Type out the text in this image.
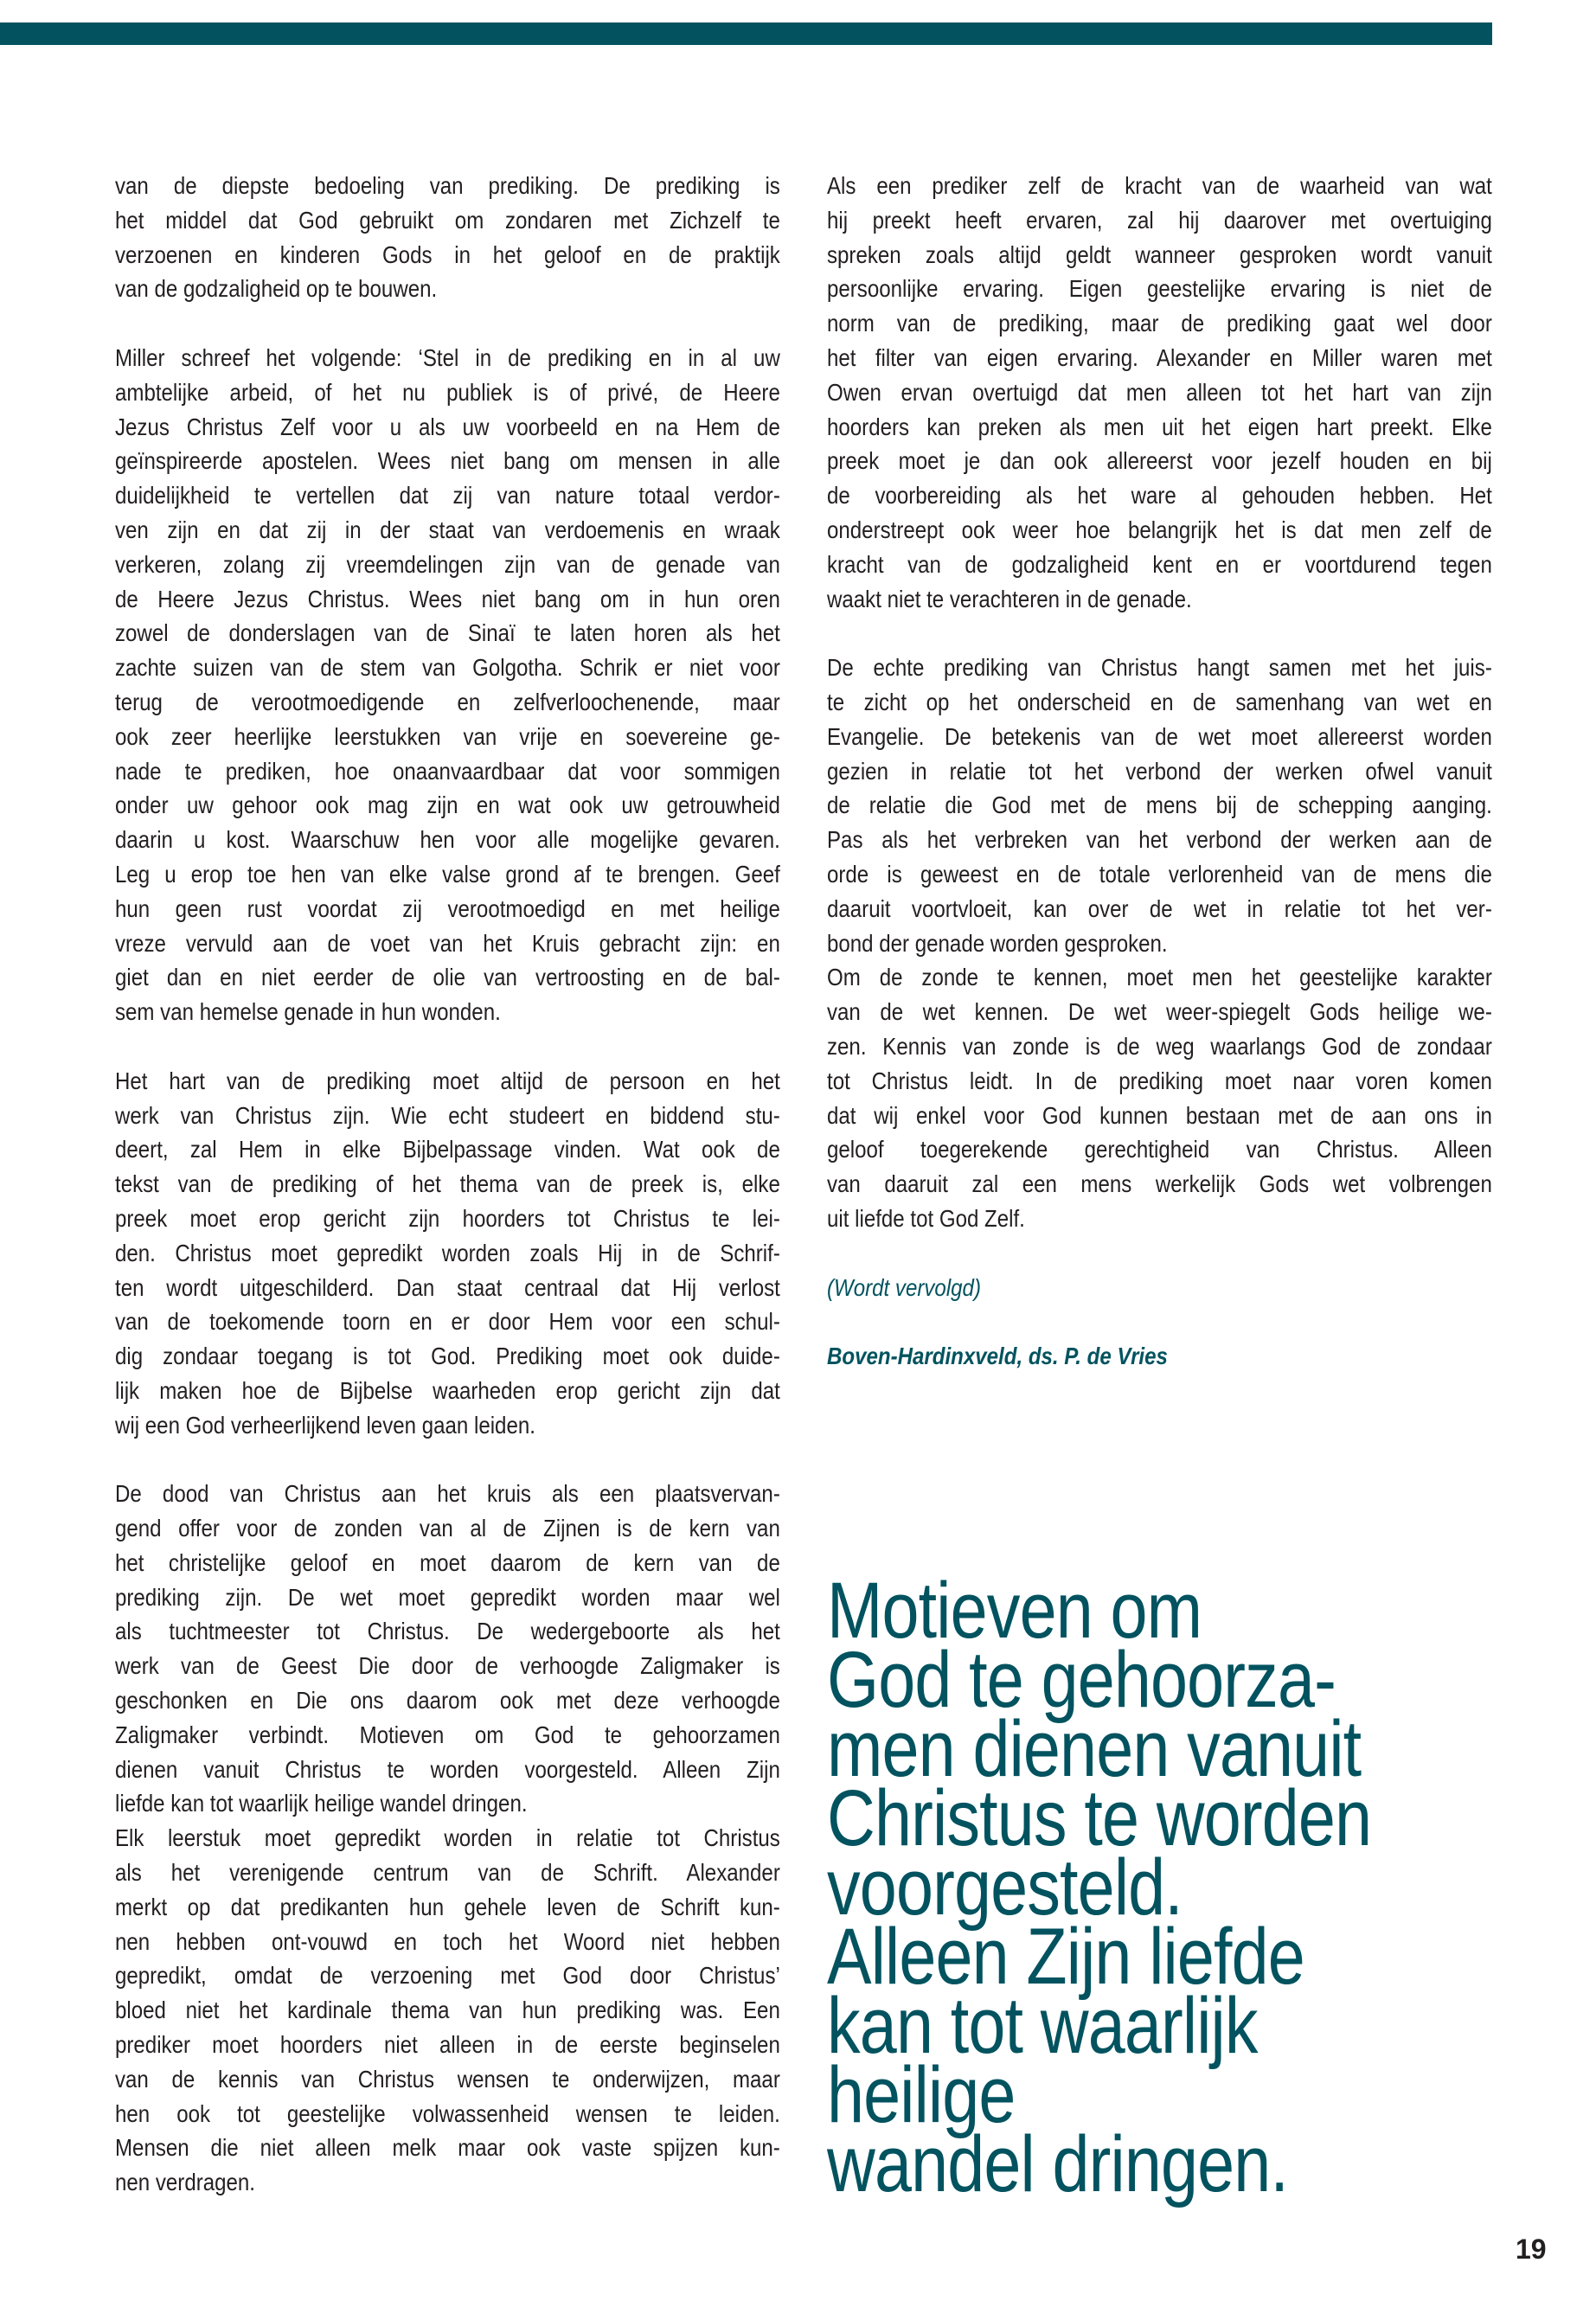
van de diepste bedoeling van prediking. De prediking is
het middel dat God gebruikt om zondaren met Zichzelf te
verzoenen en kinderen Gods in het geloof en de praktijk
van de godzaligheid op te bouwen.
Miller schreef het volgende: ‘Stel in de prediking en in al uw
ambtelijke arbeid, of het nu publiek is of privé, de Heere
Jezus Christus Zelf voor u als uw voorbeeld en na Hem de
geïnspireerde apostelen. Wees niet bang om mensen in alle
duidelijkheid te vertellen dat zij van nature totaal verdor-
ven zijn en dat zij in der staat van verdoemenis en wraak
verkeren, zolang zij vreemdelingen zijn van de genade van
de Heere Jezus Christus. Wees niet bang om in hun oren
zowel de donderslagen van de Sinaï te laten horen als het
zachte suizen van de stem van Golgotha. Schrik er niet voor
terug de verootmoedigende en zelfverloochenende, maar
ook zeer heerlijke leerstukken van vrije en soevereine ge-
nade te prediken, hoe onaanvaardbaar dat voor sommigen
onder uw gehoor ook mag zijn en wat ook uw getrouwheid
daarin u kost. Waarschuw hen voor alle mogelijke gevaren.
Leg u erop toe hen van elke valse grond af te brengen. Geef
hun geen rust voordat zij verootmoedigd en met heilige
vreze vervuld aan de voet van het Kruis gebracht zijn: en
giet dan en niet eerder de olie van vertroosting en de bal-
sem van hemelse genade in hun wonden.
Het hart van de prediking moet altijd de persoon en het
werk van Christus zijn. Wie echt studeert en biddend stu-
deert, zal Hem in elke Bijbelpassage vinden. Wat ook de
tekst van de prediking of het thema van de preek is, elke
preek moet erop gericht zijn hoorders tot Christus te lei-
den. Christus moet gepredikt worden zoals Hij in de Schrif-
ten wordt uitgeschilderd. Dan staat centraal dat Hij verlost
van de toekomende toorn en er door Hem voor een schul-
dig zondaar toegang is tot God. Prediking moet ook duide-
lijk maken hoe de Bijbelse waarheden erop gericht zijn dat
wij een God verheerlijkend leven gaan leiden.
De dood van Christus aan het kruis als een plaatsvervan-
gend offer voor de zonden van al de Zijnen is de kern van
het christelijke geloof en moet daarom de kern van de
prediking zijn. De wet moet gepredikt worden maar wel
als tuchtmeester tot Christus. De wedergeboorte als het
werk van de Geest Die door de verhoogde Zaligmaker is
geschonken en Die ons daarom ook met deze verhoogde
Zaligmaker verbindt. Motieven om God te gehoorzamen
dienen vanuit Christus te worden voorgesteld. Alleen Zijn
liefde kan tot waarlijk heilige wandel dringen.
Elk leerstuk moet gepredikt worden in relatie tot Christus
als het verenigende centrum van de Schrift. Alexander
merkt op dat predikanten hun gehele leven de Schrift kun-
nen hebben ont-vouwd en toch het Woord niet hebben
gepredikt, omdat de verzoening met God door Christus’
bloed niet het kardinale thema van hun prediking was. Een
prediker moet hoorders niet alleen in de eerste beginselen
van de kennis van Christus wensen te onderwijzen, maar
hen ook tot geestelijke volwassenheid wensen te leiden.
Mensen die niet alleen melk maar ook vaste spijzen kun-
nen verdragen.
Als een prediker zelf de kracht van de waarheid van wat
hij preekt heeft ervaren, zal hij daarover met overtuiging
spreken zoals altijd geldt wanneer gesproken wordt vanuit
persoonlijke ervaring. Eigen geestelijke ervaring is niet de
norm van de prediking, maar de prediking gaat wel door
het filter van eigen ervaring. Alexander en Miller waren met
Owen ervan overtuigd dat men alleen tot het hart van zijn
hoorders kan preken als men uit het eigen hart preekt. Elke
preek moet je dan ook allereerst voor jezelf houden en bij
de voorbereiding als het ware al gehouden hebben. Het
onderstreept ook weer hoe belangrijk het is dat men zelf de
kracht van de godzaligheid kent en er voortdurend tegen
waakt niet te verachteren in de genade.
De echte prediking van Christus hangt samen met het juis-
te zicht op het onderscheid en de samenhang van wet en
Evangelie. De betekenis van de wet moet allereerst worden
gezien in relatie tot het verbond der werken ofwel vanuit
de relatie die God met de mens bij de schepping aanging.
Pas als het verbreken van het verbond der werken aan de
orde is geweest en de totale verlorenheid van de mens die
daaruit voortvloeit, kan over de wet in relatie tot het ver-
bond der genade worden gesproken.
Om de zonde te kennen, moet men het geestelijke karakter
van de wet kennen. De wet weer-spiegelt Gods heilige we-
zen. Kennis van zonde is de weg waarlangs God de zondaar
tot Christus leidt. In de prediking moet naar voren komen
dat wij enkel voor God kunnen bestaan met de aan ons in
geloof toegerekende gerechtigheid van Christus. Alleen
van daaruit zal een mens werkelijk Gods wet volbrengen
uit liefde tot God Zelf.
(Wordt vervolgd)
Boven-Hardinxveld, ds. P. de Vries
Motieven om
God te gehoorza-
men dienen vanuit
Christus te worden
voorgesteld.
Alleen Zijn liefde
kan tot waarlijk
heilige
wandel dringen.
19
